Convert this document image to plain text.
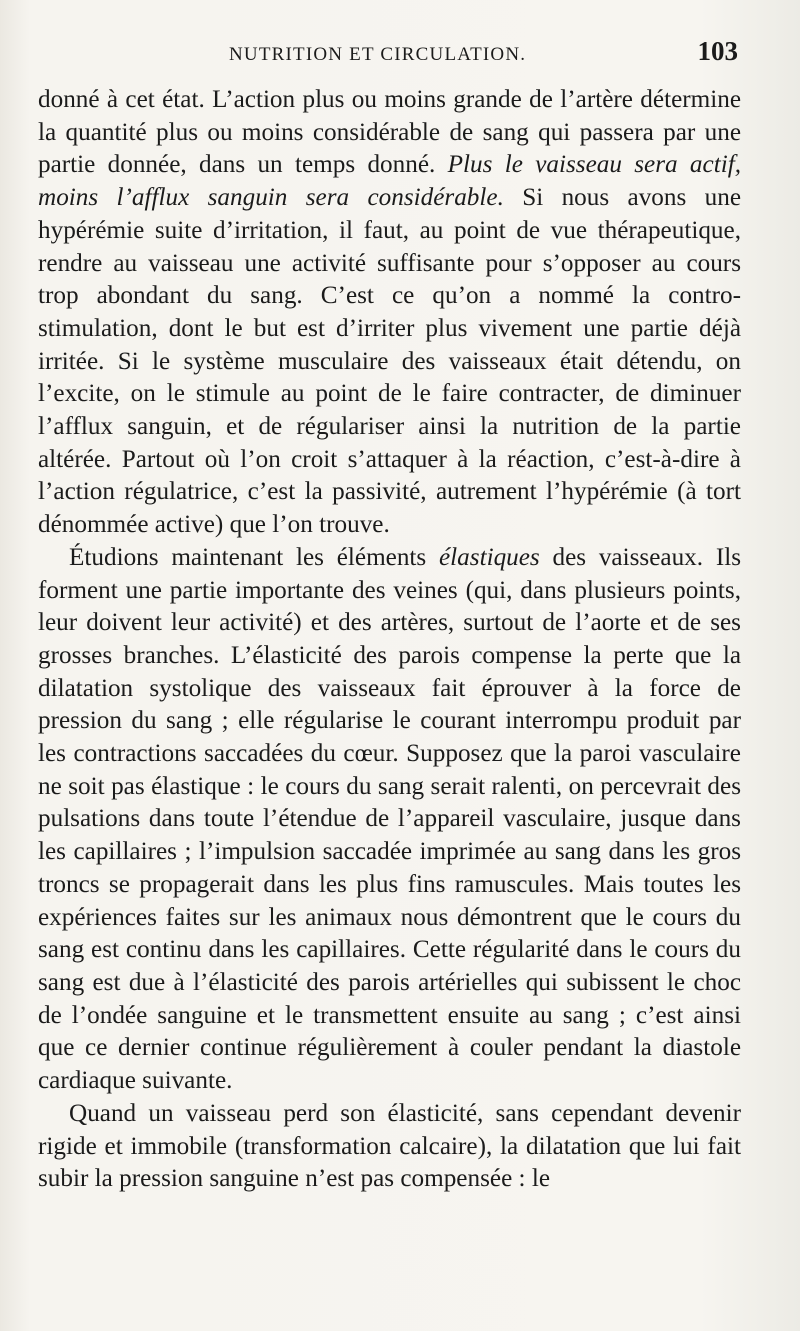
NUTRITION ET CIRCULATION.	103

donné à cet état. L’action plus ou moins grande de l’artère détermine la quantité plus ou moins considérable de sang qui passera par une partie donnée, dans un temps donné. Plus le vaisseau sera actif, moins l’afflux sanguin sera considérable. Si nous avons une hypérémie suite d’irritation, il faut, au point de vue thérapeutique, rendre au vaisseau une activité suffisante pour s’opposer au cours trop abondant du sang. C’est ce qu’on a nommé la contro-stimulation, dont le but est d’irriter plus vivement une partie déjà irritée. Si le système musculaire des vaisseaux était détendu, on l’excite, on le stimule au point de le faire contracter, de diminuer l’afflux sanguin, et de régulariser ainsi la nutrition de la partie altérée. Partout où l’on croit s’attaquer à la réaction, c’est-à-dire à l’action régulatrice, c’est la passivité, autrement l’hypérémie (à tort dénommée active) que l’on trouve.

Étudions maintenant les éléments élastiques des vaisseaux. Ils forment une partie importante des veines (qui, dans plusieurs points, leur doivent leur activité) et des artères, surtout de l’aorte et de ses grosses branches. L’élasticité des parois compense la perte que la dilatation systolique des vaisseaux fait éprouver à la force de pression du sang ; elle régularise le courant interrompu produit par les contractions saccadées du cœur. Supposez que la paroi vasculaire ne soit pas élastique : le cours du sang serait ralenti, on percevrait des pulsations dans toute l’étendue de l’appareil vasculaire, jusque dans les capillaires ; l’impulsion saccadée imprimée au sang dans les gros troncs se propagerait dans les plus fins ramuscules. Mais toutes les expériences faites sur les animaux nous démontrent que le cours du sang est continu dans les capillaires. Cette régularité dans le cours du sang est due à l’élasticité des parois artérielles qui subissent le choc de l’ondée sanguine et le transmettent ensuite au sang ; c’est ainsi que ce dernier continue régulièrement à couler pendant la diastole cardiaque suivante.

Quand un vaisseau perd son élasticité, sans cependant devenir rigide et immobile (transformation calcaire), la dilatation que lui fait subir la pression sanguine n’est pas compensée : le
